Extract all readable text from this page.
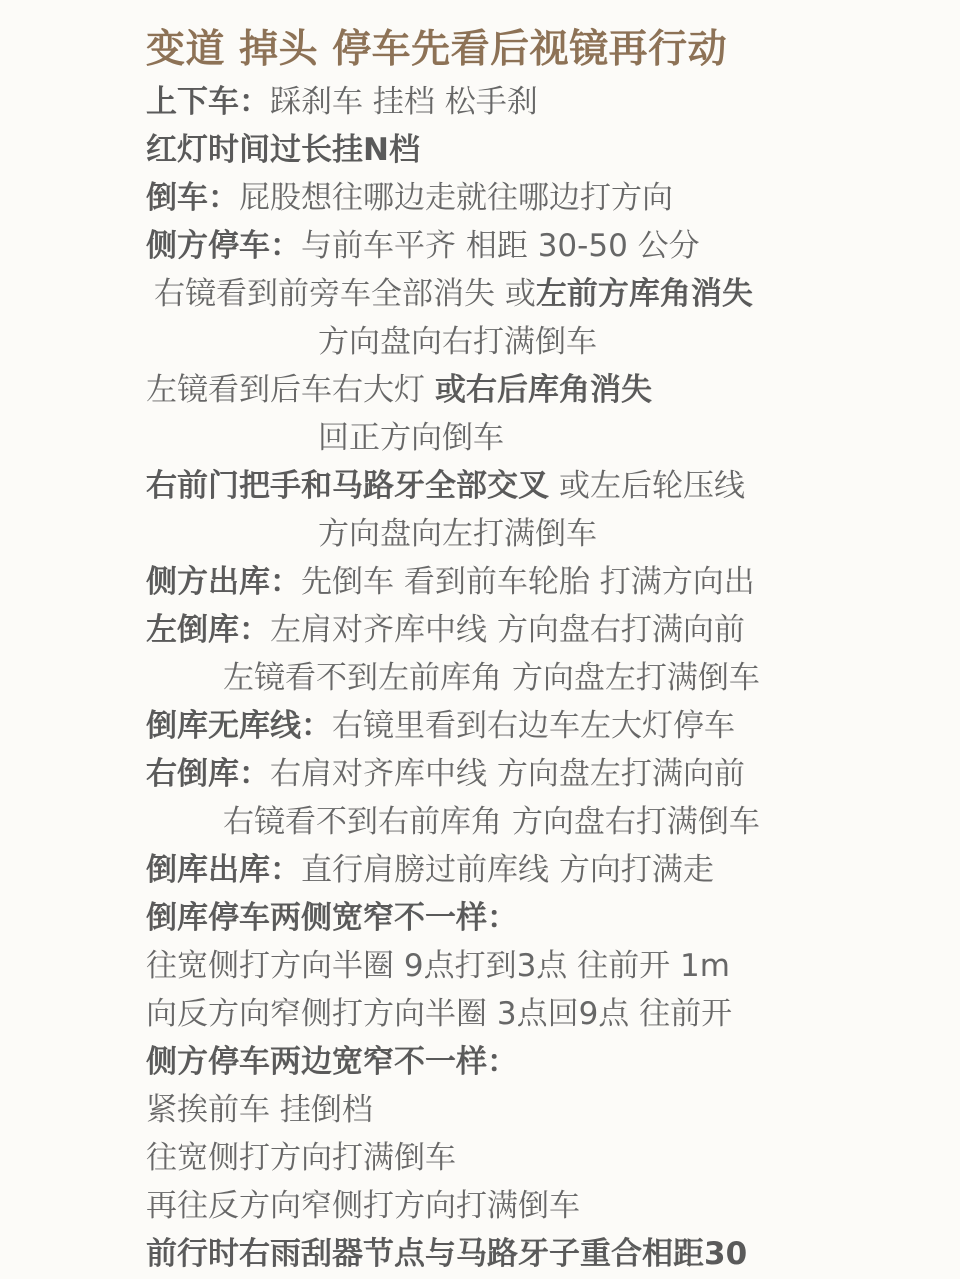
变道 掉头 停车先看后视镜再行动
上下车：踩刹车 挂档 松手刹
红灯时间过长挂N档
倒车：屁股想往哪边走就往哪边打方向
侧方停车：与前车平齐 相距 30-50 公分
右镜看到前旁车全部消失 或左前方库角消失
方向盘向右打满倒车
左镜看到后车右大灯 或右后库角消失
回正方向倒车
右前门把手和马路牙全部交叉 或左后轮压线
方向盘向左打满倒车
侧方出库：先倒车 看到前车轮胎 打满方向出
左倒库：左肩对齐库中线 方向盘右打满向前
左镜看不到左前库角 方向盘左打满倒车
倒库无库线：右镜里看到右边车左大灯停车
右倒库：右肩对齐库中线 方向盘左打满向前
右镜看不到右前库角 方向盘右打满倒车
倒库出库：直行肩膀过前库线 方向打满走
倒库停车两侧宽窄不一样：
往宽侧打方向半圈 9点打到3点 往前开 1m
向反方向窄侧打方向半圈 3点回9点 往前开
侧方停车两边宽窄不一样：
紧挨前车 挂倒档
往宽侧打方向打满倒车
再往反方向窄侧打方向打满倒车
前行时右雨刮器节点与马路牙子重合相距30
